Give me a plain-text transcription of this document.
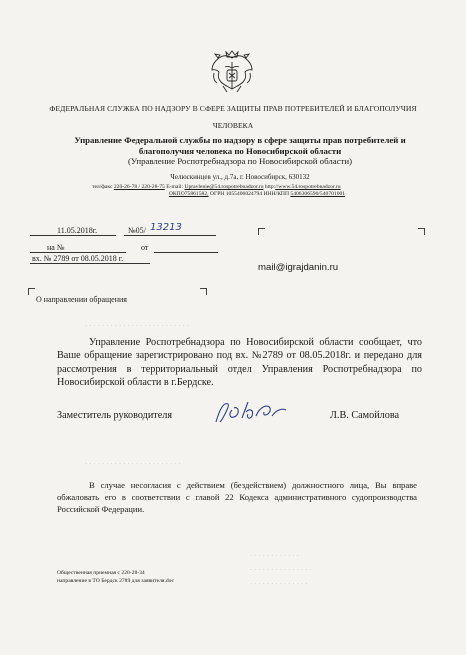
ФЕДЕРАЛЬНАЯ СЛУЖБА ПО НАДЗОРУ В СФЕРЕ ЗАЩИТЫ ПРАВ ПОТРЕБИТЕЛЕЙ И БЛАГОПОЛУЧИЯ
ЧЕЛОВЕКА
Управление Федеральной службы по надзору в сфере защиты прав потребителей и благополучия человека по Новосибирской области
(Управление Роспотребнадзора по Новосибирской области)
Челюскинцев ул., д.7а, г. Новосибирск, 630132
тел/факс 220-26-78 / 220-28-75 E-mail: Upravlenie@54.rospotrebnadzor.ru http://www.54.rospotrebnadzor.ru
ОКПО75861582, ОГРН 1055406024794 ИНН/КПП 5406306590/540701001
11.05.2018г.	№05/ 13213
на №	от
вх. № 2789 от 08.05.2018 г.
mail@igrajdanin.ru
О направлении обращения
. . . . . . . . . . . . . . . . . . . . . . . . .
. . . . . . . . . . . . . . . . . . . . . . .
. . . . . . . . . . . .
. . . . . . . . . . . . . . .
. . . . . . . . . . . . . .

Управление Роспотребнадзора по Новосибирской области сообщает, что Ваше обращение зарегистрировано под вх. №2789 от 08.05.2018г. и передано для рассмотрения в территориальный отдел Управления Роспотребнадзора по Новосибирской области в г.Бердске.

Заместитель руководителя	Л.В. Самойлова

В случае несогласия с действием (бездействием) должностного лица, Вы вправе обжаловать его в соответствии с главой 22 Кодекса административного судопроизводства Российской Федерации.

Общественная приемная с 220-28-34
направление в ТО Бердск 2789 для заявителя.doc
